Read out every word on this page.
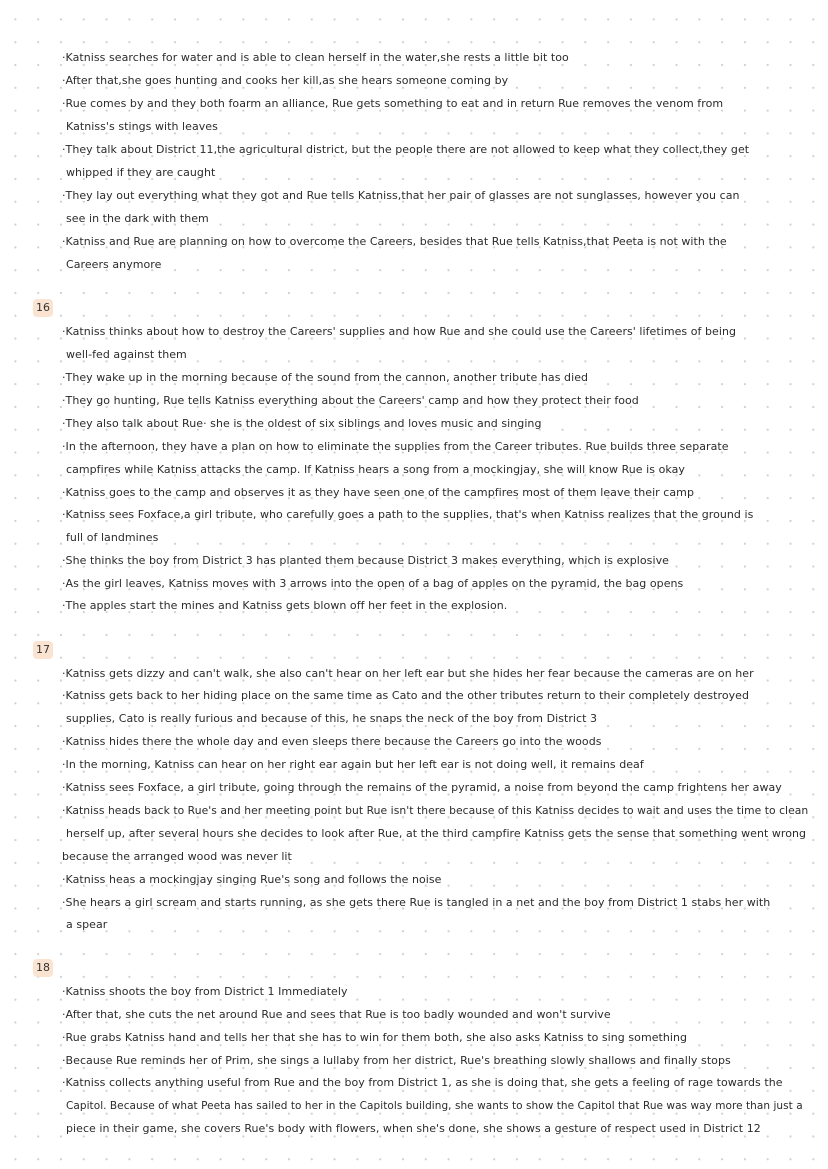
·Katniss searches for water and is able to clean herself in the water,she rests a little bit too
·After that,she goes hunting and cooks her kill,as she hears someone coming by
·Rue comes by and they both foarm an alliance, Rue gets something to eat and in return Rue removes the venom from
Katniss's stings with leaves
·They talk about District 11,the agricultural district, but the people there are not allowed to keep what they collect,they get
whipped if they are caught
·They lay out everything what they got and Rue tells Katniss,that her pair of glasses are not sunglasses, however you can
see in the dark with them
·Katniss and Rue are planning on how to overcome the Careers, besides that Rue tells Katniss,that Peeta is not with the
Careers anymore
16
·Katniss thinks about how to destroy the Careers' supplies and how Rue and she could use the Careers' lifetimes of being
well-fed against them
·They wake up in the morning because of the sound from the cannon, another tribute has died
·They go hunting, Rue tells Katniss everything about the Careers' camp and how they protect their food
·They also talk about Rue· she is the oldest of six siblings and loves music and singing
·In the afternoon, they have a plan on how to eliminate the supplies from the Career tributes. Rue builds three separate
campfires while Katniss attacks the camp. If Katniss hears a song from a mockingjay, she will know Rue is okay
·Katniss goes to the camp and observes it as they have seen one of the campfires most of them leave their camp
·Katniss sees Foxface,a girl tribute, who carefully goes a path to the supplies, that's when Katniss realizes that the ground is
full of landmines
·She thinks the boy from District 3 has planted them because District 3 makes everything, which is explosive
·As the girl leaves, Katniss moves with 3 arrows into the open of a bag of apples on the pyramid, the bag opens
·The apples start the mines and Katniss gets blown off her feet in the explosion.
17
·Katniss gets dizzy and can't walk, she also can't hear on her left ear but she hides her fear because the cameras are on her
·Katniss gets back to her hiding place on the same time as Cato and the other tributes return to their completely destroyed
supplies, Cato is really furious and because of this, he snaps the neck of the boy from District 3
·Katniss hides there the whole day and even sleeps there because the Careers go into the woods
·In the morning, Katniss can hear on her right ear again but her left ear is not doing well, it remains deaf
·Katniss sees Foxface, a girl tribute, going through the remains of the pyramid, a noise from beyond the camp frightens her away
·Katniss heads back to Rue's and her meeting point but Rue isn't there because of this Katniss decides to wait and uses the time to clean
herself up, after several hours she decides to look after Rue, at the third campfire Katniss gets the sense that something went wrong
because the arranged wood was never lit
·Katniss heas a mockingjay singing Rue's song and follows the noise
·She hears a girl scream and starts running, as she gets there Rue is tangled in a net and the boy from District 1 stabs her with
a spear
18
·Katniss shoots the boy from District 1 Immediately
·After that, she cuts the net around Rue and sees that Rue is too badly wounded and won't survive
·Rue grabs Katniss hand and tells her that she has to win for them both, she also asks Katniss to sing something
·Because Rue reminds her of Prim, she sings a lullaby from her district, Rue's breathing slowly shallows and finally stops
·Katniss collects anything useful from Rue and the boy from District 1, as she is doing that, she gets a feeling of rage towards the
Capitol. Because of what Peeta has sailed to her in the Capitols building, she wants to show the Capitol that Rue was way more than just a
piece in their game, she covers Rue's body with flowers, when she's done, she shows a gesture of respect used in District 12
